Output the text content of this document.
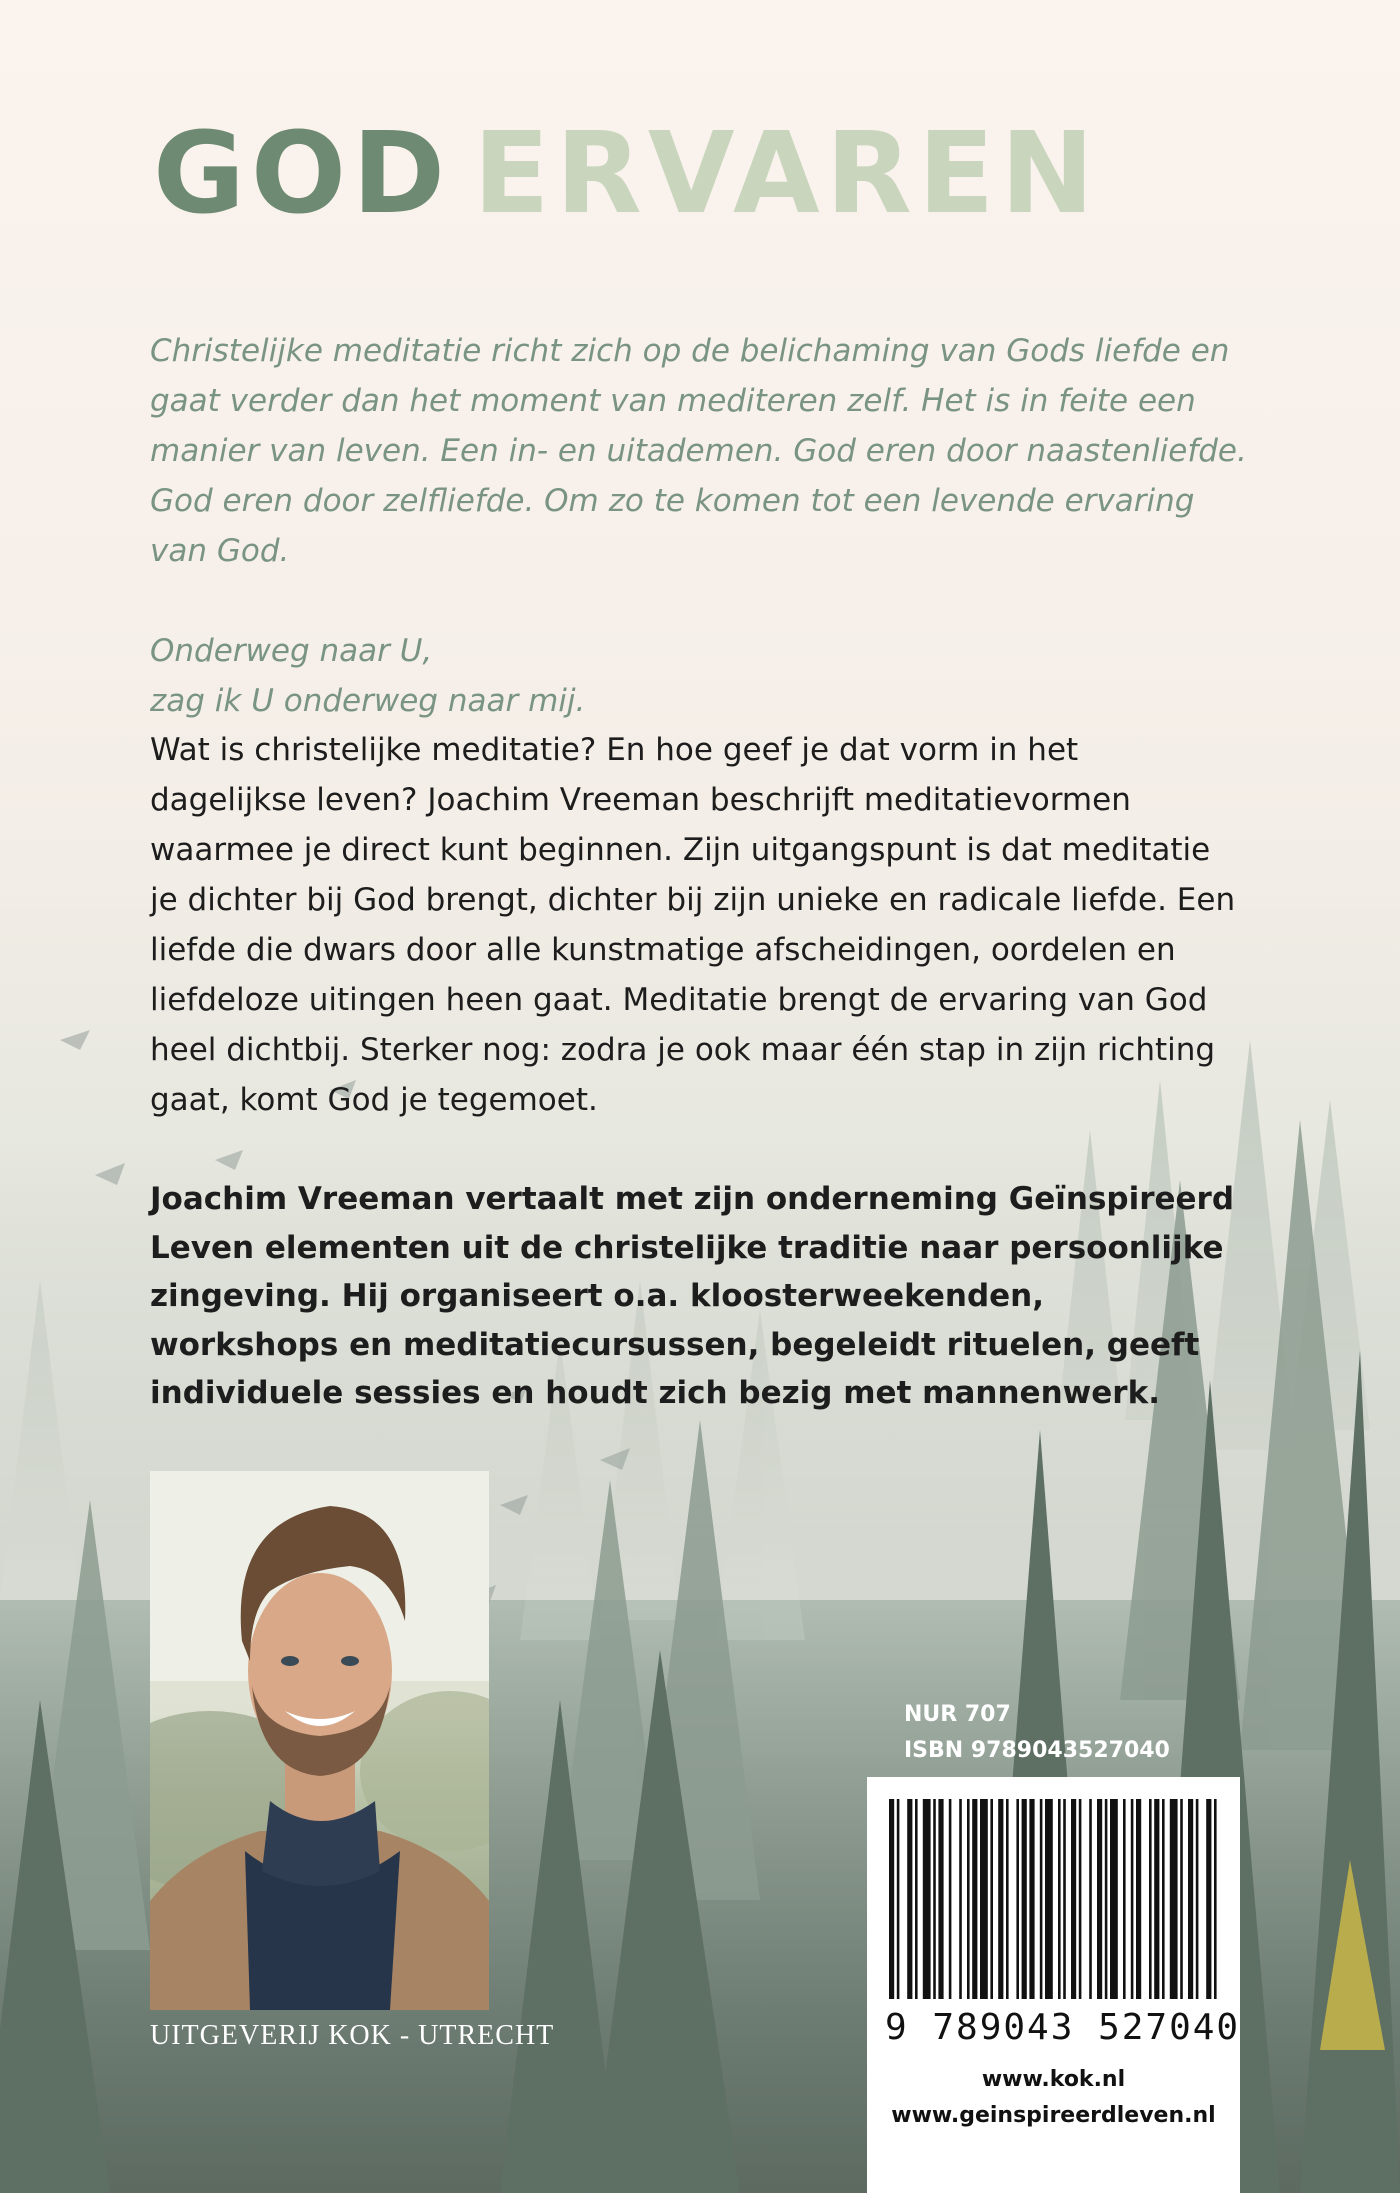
GOD ERVAREN

Christelijke meditatie richt zich op de belichaming van Gods liefde en gaat verder dan het moment van mediteren zelf. Het is in feite een manier van leven. Een in- en uitademen. God eren door naastenliefde. God eren door zelfliefde. Om zo te komen tot een levende ervaring van God.

Onderweg naar U,
zag ik U onderweg naar mij.

Wat is christelijke meditatie? En hoe geef je dat vorm in het dagelijkse leven? Joachim Vreeman beschrijft meditatievormen waarmee je direct kunt beginnen. Zijn uitgangspunt is dat meditatie je dichter bij God brengt, dichter bij zijn unieke en radicale liefde. Een liefde die dwars door alle kunstmatige afscheidingen, oordelen en liefdeloze uitingen heen gaat. Meditatie brengt de ervaring van God heel dichtbij. Sterker nog: zodra je ook maar één stap in zijn richting gaat, komt God je tegemoet.

Joachim Vreeman vertaalt met zijn onderneming Geïnspireerd Leven elementen uit de christelijke traditie naar persoonlijke zingeving. Hij organiseert o.a. kloosterweekenden, workshops en meditatiecursussen, begeleidt rituelen, geeft individuele sessies en houdt zich bezig met mannenwerk.

UITGEVERIJ KOK - UTRECHT
NUR 707
ISBN 9789043527040
9 789043 527040
www.kok.nl
www.geinspireerdleven.nl
